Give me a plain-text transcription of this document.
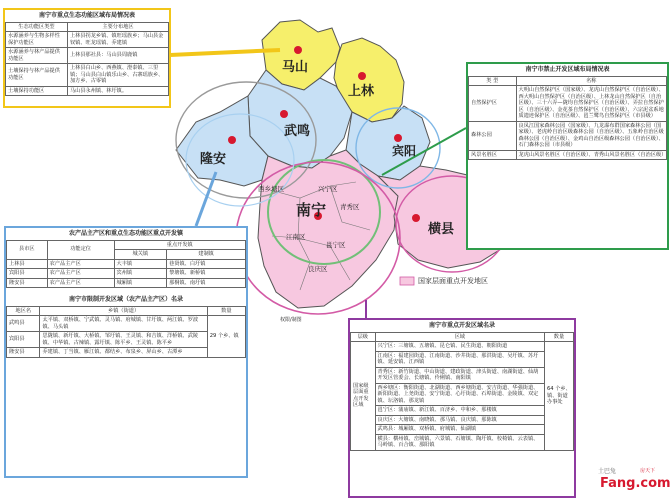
马山
上林
武鸣
隆安
宾阳
南宁
横县
西乡塘区	兴宁区
青秀区
江南区
邕宁区
良庆区
国家层面重点开发地区
权限/制图
南宁市重点生态功能区域布局情况表
生态功能区类型	主要分布地区
水源涵养与生物多样性保护功能区	上林县拐龙乡镇、镇旺瑶族乡；马山县金钗镇、旺龙瑶镇、乔建镇
水源涵养与林产品提供功能区	上林县那社县：马山县周鹿镇
土壤保持与林产品提供功能区	上林县白山乡、西燕镇、澄泰镇、三里镇；马山县白山镇乐山乡、古寨瑶族乡、加方乡、古零镇
土壤保持功能区	马山县永州镇、林圩镇。
南宁市禁止开发区域布局情况表
类 型	名称
自然保护区	大明山自然保护区（国家级）、龙虎山自然保护区（自治区级）、西大明山自然保护区（自治区级）、上林龙山自然保护区（自治区级）、三十六弄—陇均自然保护区（自治区级）、弄拉自然保护区（自治区级）、金花茶自然保护区（自治区级）、六宗泥盆系地质遗迹保护区（自治区级）、邕兰鹭鸟自然保护区（市县级）
森林公园	良凤江国家森林公园（国家级）、九龙瀑布群国家森林公园（国家级）、老虎岭自治区级森林公园（自治区级）、五象岭自治区级森林公园（自治区级）、金鸡山自治区级森林公园（自治区级）、石门森林公园（市县级）
风景名胜区	龙虎山风景名胜区（自治区级）、青秀山风景名胜区（自治区级）
农产品主产区和重点生态功能区重点开发镇
县市区	功能定位	重点开发镇	
		城关镇	建制镇
上林县	农产品主产区	大丰镇	巷贤镇、白圩镇
宾阳县	农产品主产区	宾州镇	黎塘镇、新桥镇
隆安县	农产品主产区	城厢镇	那桐镇、南圩镇
南宁市限制开发区域（农产品主产区）名录
地区名	乡镇（街道）	数量
武鸣县	太平镇、双桥镇、宁武镇、灵马镇、府城镇、甘圩镇、两江镇、罗波镇、马头镇	29 个乡、镇
宾阳县	思陇镇、新圩镇、大桥镇、邹圩镇、王灵镇、和吉镇、洋桥镇、武陵镇、中华镇、古辣镇、露圩镇、陈平乡、王灵镇、陈平乡	
隆安县	乔建镇、丁当镇、雁江镇、都结乡、布泉乡、屏山乡、古潭乡	
南宁市重点开发区域名录
层级	区域	数量
国家级层面重点开发区域	兴宁区：三塘镇、五塘镇、昆仑镇、民生街道、朝阳街道	64 个乡、镇、街道办事处
	江南区：福建园街道、江南街道、沙井街道、那洪街道、吴圩镇、苏圩镇、延安镇、江西镇	
	青秀区：新竹街道、中山街道、建政街道、津头街道、南湖街道、仙葫开发区管委会、长塘镇、伶俐镇、南阳镇	
	西乡塘区：衡阳街道、北湖街道、西乡塘街道、安吉街道、华强街道、新阳街道、上尧街道、安宁街道、心圩街道、石埠街道、金陵镇、双定镇、坛洛镇、那龙镇	
	邕宁区：蒲庙镇、新江镇、百济乡、中和乡、那楼镇	
	良庆区：大塘镇、南晓镇、那马镇、良庆镇、那陈镇	
	武鸣县：城厢镇、双桥镇、府城镇、仙湖镇	
	横县：横州镇、峦城镇、六景镇、石塘镇、陶圩镇、校椅镇、云表镇、马岭镇、百合镇、那阳镇	
土巴兔
Fang.com
房天下
